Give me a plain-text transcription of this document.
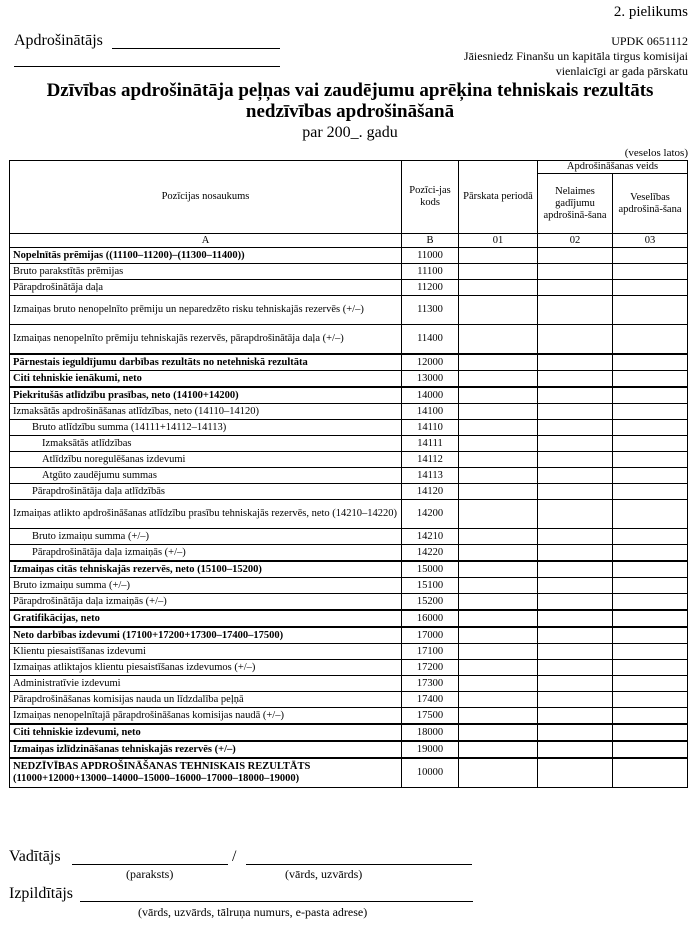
2. pielikums
Apdrošinātājs	UPDK 0651112
Jāiesniedz Finanšu un kapitāla tirgus komisijai
vienlaicīgi ar gada pārskatu
Dzīvības apdrošinātāja peļņas vai zaudējumu aprēķina tehniskais rezultāts
nedzīvības apdrošināšanā
par 200_. gadu
(veselos latos)
Pozīcijas nosaukums	Pozīci-jas kods	Pārskata periodā	Apdrošināšanas veids	
			Nelaimes gadījumu apdrošinā-šana	Veselības apdrošinā-šana
A	B	01	02	03
Nopelnītās prēmijas ((11100–11200)–(11300–11400))	11000			
Bruto parakstītās prēmijas	11100			
Pārapdrošinātāja daļa	11200			
Izmaiņas bruto nenopelnīto prēmiju un neparedzēto risku tehniskajās rezervēs (+/–)	11300			
Izmaiņas nenopelnīto prēmiju tehniskajās rezervēs, pārapdrošinātāja daļa (+/–)	11400			
Pārnestais ieguldījumu darbības rezultāts no netehniskā rezultāta	12000			
Citi tehniskie ienākumi, neto	13000			
Piekritušās atlīdzību prasības, neto (14100+14200)	14000			
Izmaksātās apdrošināšanas atlīdzības, neto (14110–14120)	14100			
Bruto atlīdzību summa (14111+14112–14113)	14110			
Izmaksātās atlīdzības	14111			
Atlīdzību noregulēšanas izdevumi	14112			
Atgūto zaudējumu summas	14113			
Pārapdrošinātāja daļa atlīdzībās	14120			
Izmaiņas atlikto apdrošināšanas atlīdzību prasību tehniskajās rezervēs, neto (14210–14220)	14200			
Bruto izmaiņu summa (+/–)	14210			
Pārapdrošinātāja daļa izmaiņās (+/–)	14220			
Izmaiņas citās tehniskajās rezervēs, neto (15100–15200)	15000			
Bruto izmaiņu summa (+/–)	15100			
Pārapdrošinātāja daļa izmaiņās (+/–)	15200			
Gratifikācijas, neto	16000			
Neto darbības izdevumi (17100+17200+17300–17400–17500)	17000			
Klientu piesaistīšanas izdevumi	17100			
Izmaiņas atliktajos klientu piesaistīšanas izdevumos (+/–)	17200			
Administratīvie izdevumi	17300			
Pārapdrošināšanas komisijas nauda un līdzdalība peļņā	17400			
Izmaiņas nenopelnītajā pārapdrošināšanas komisijas naudā (+/–)	17500			
Citi tehniskie izdevumi, neto	18000			
Izmaiņas izlīdzināšanas tehniskajās rezervēs (+/–)	19000			
NEDZĪVĪBAS APDROŠINĀŠANAS TEHNISKAIS REZULTĀTS
(11000+12000+13000–14000–15000–16000–17000–18000–19000)	10000			
Vadītājs	/
(paraksts)	(vārds, uzvārds)
Izpildītājs
(vārds, uzvārds, tālruņa numurs, e-pasta adrese)
